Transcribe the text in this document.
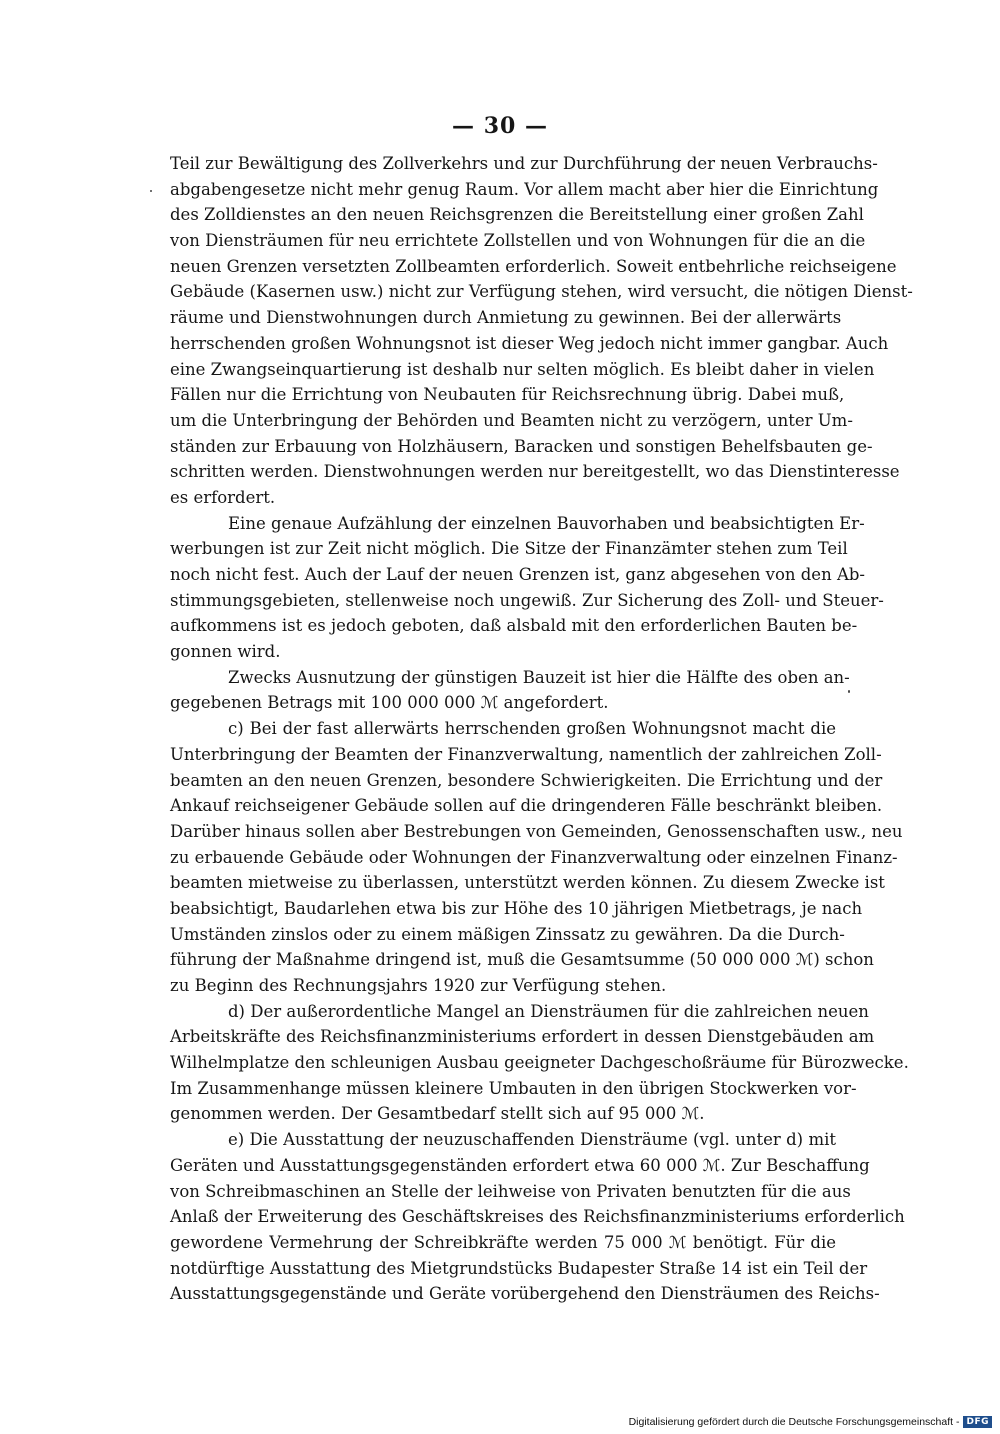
— 30 —
Teil zur Bewältigung des Zollverkehrs und zur Durchführung der neuen Verbrauchs-
abgabengesetze nicht mehr genug Raum. Vor allem macht aber hier die Einrichtung
des Zolldienstes an den neuen Reichsgrenzen die Bereitstellung einer großen Zahl
von Diensträumen für neu errichtete Zollstellen und von Wohnungen für die an die
neuen Grenzen versetzten Zollbeamten erforderlich. Soweit entbehrliche reichseigene
Gebäude (Kasernen usw.) nicht zur Verfügung stehen, wird versucht, die nötigen Dienst-
räume und Dienstwohnungen durch Anmietung zu gewinnen. Bei der allerwärts
herrschenden großen Wohnungsnot ist dieser Weg jedoch nicht immer gangbar. Auch
eine Zwangseinquartierung ist deshalb nur selten möglich. Es bleibt daher in vielen
Fällen nur die Errichtung von Neubauten für Reichsrechnung übrig. Dabei muß,
um die Unterbringung der Behörden und Beamten nicht zu verzögern, unter Um-
ständen zur Erbauung von Holzhäusern, Baracken und sonstigen Behelfsbauten ge-
schritten werden. Dienstwohnungen werden nur bereitgestellt, wo das Dienstinteresse
es erfordert.
Eine genaue Aufzählung der einzelnen Bauvorhaben und beabsichtigten Er-
werbungen ist zur Zeit nicht möglich. Die Sitze der Finanzämter stehen zum Teil
noch nicht fest. Auch der Lauf der neuen Grenzen ist, ganz abgesehen von den Ab-
stimmungsgebieten, stellenweise noch ungewiß. Zur Sicherung des Zoll- und Steuer-
aufkommens ist es jedoch geboten, daß alsbald mit den erforderlichen Bauten be-
gonnen wird.
Zwecks Ausnutzung der günstigen Bauzeit ist hier die Hälfte des oben an-
gegebenen Betrags mit 100 000 000 ℳ angefordert.
c) Bei der fast allerwärts herrschenden großen Wohnungsnot macht die
Unterbringung der Beamten der Finanzverwaltung, namentlich der zahlreichen Zoll-
beamten an den neuen Grenzen, besondere Schwierigkeiten. Die Errichtung und der
Ankauf reichseigener Gebäude sollen auf die dringenderen Fälle beschränkt bleiben.
Darüber hinaus sollen aber Bestrebungen von Gemeinden, Genossenschaften usw., neu
zu erbauende Gebäude oder Wohnungen der Finanzverwaltung oder einzelnen Finanz-
beamten mietweise zu überlassen, unterstützt werden können. Zu diesem Zwecke ist
beabsichtigt, Baudarlehen etwa bis zur Höhe des 10 jährigen Mietbetrags, je nach
Umständen zinslos oder zu einem mäßigen Zinssatz zu gewähren. Da die Durch-
führung der Maßnahme dringend ist, muß die Gesamtsumme (50 000 000 ℳ) schon
zu Beginn des Rechnungsjahrs 1920 zur Verfügung stehen.
d) Der außerordentliche Mangel an Diensträumen für die zahlreichen neuen
Arbeitskräfte des Reichsfinanzministeriums erfordert in dessen Dienstgebäuden am
Wilhelmplatze den schleunigen Ausbau geeigneter Dachgeschoßräume für Bürozwecke.
Im Zusammenhange müssen kleinere Umbauten in den übrigen Stockwerken vor-
genommen werden. Der Gesamtbedarf stellt sich auf 95 000 ℳ.
e) Die Ausstattung der neuzuschaffenden Diensträume (vgl. unter d) mit
Geräten und Ausstattungsgegenständen erfordert etwa 60 000 ℳ. Zur Beschaffung
von Schreibmaschinen an Stelle der leihweise von Privaten benutzten für die aus
Anlaß der Erweiterung des Geschäftskreises des Reichsfinanzministeriums erforderlich
gewordene Vermehrung der Schreibkräfte werden 75 000 ℳ benötigt. Für die
notdürftige Ausstattung des Mietgrundstücks Budapester Straße 14 ist ein Teil der
Ausstattungsgegenstände und Geräte vorübergehend den Diensträumen des Reichs-
Digitalisierung gefördert durch die Deutsche Forschungsgemeinschaft - DFG
